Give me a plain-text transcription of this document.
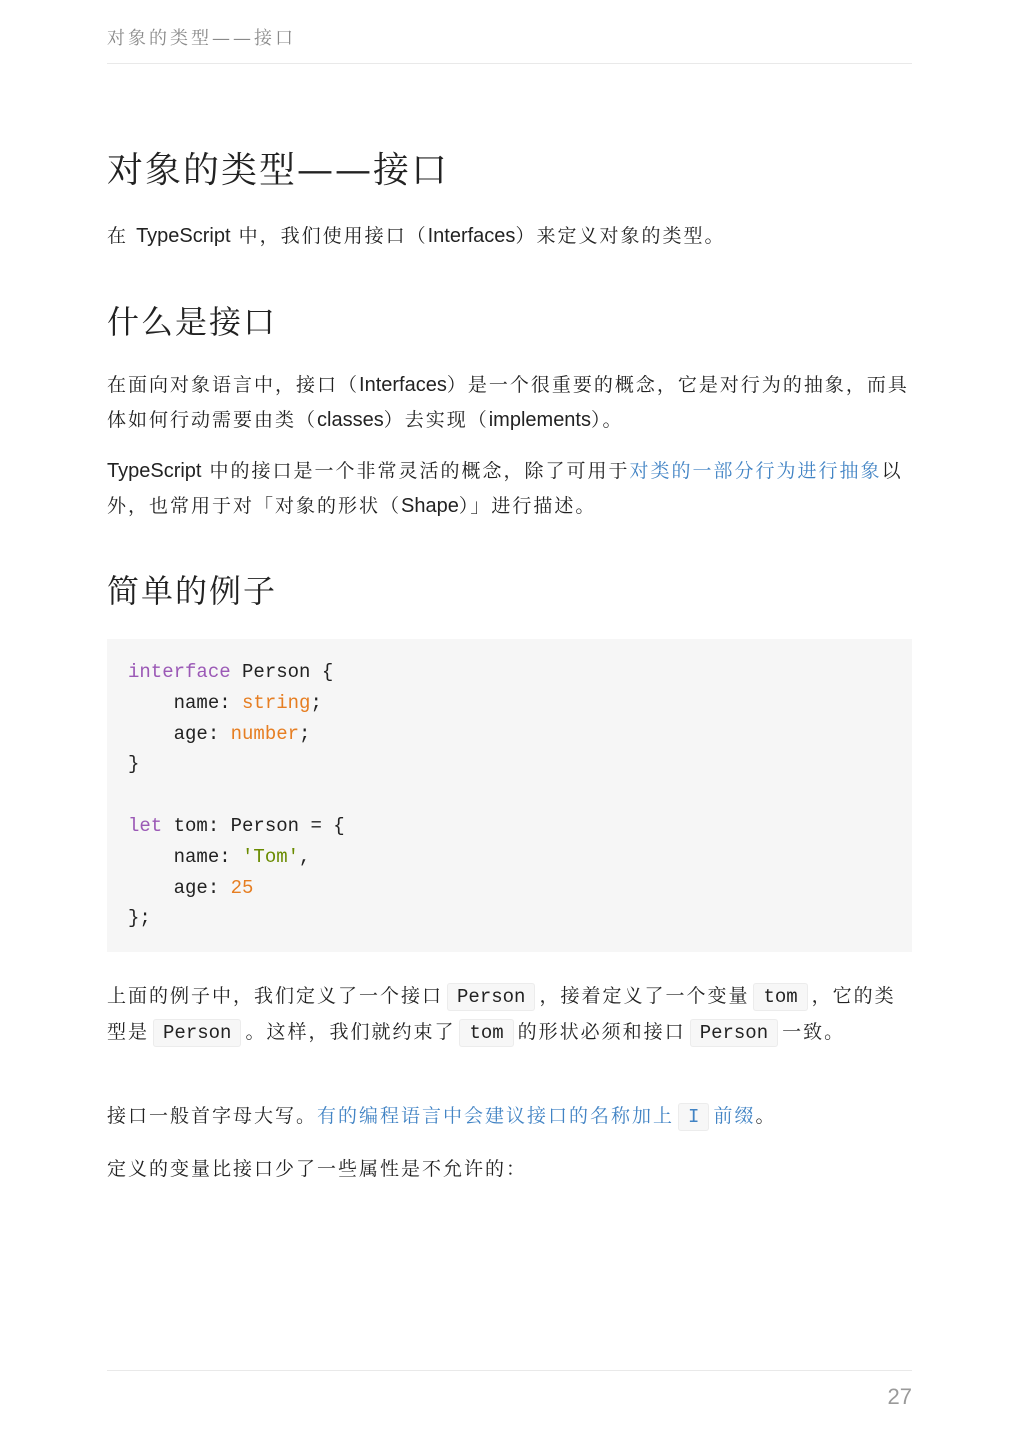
对象的类型——接口
对象的类型——接口

在 TypeScript 中，我们使用接口（Interfaces）来定义对象的类型。

什么是接口

在面向对象语言中，接口（Interfaces）是一个很重要的概念，它是对行为的抽象，而具体如何行动需要由类（classes）去实现（implements）。

TypeScript 中的接口是一个非常灵活的概念，除了可用于对类的一部分行为进行抽象以外，也常用于对「对象的形状（Shape）」进行描述。

简单的例子
interface Person {
name: string;
age: number;
}

let tom: Person = {
name: 'Tom',
age: 25
};

上面的例子中，我们定义了一个接口 Person ，接着定义了一个变量 tom ，它的类型是 Person 。这样，我们就约束了 tom 的形状必须和接口 Person 一致。

接口一般首字母大写。有的编程语言中会建议接口的名称加上 I 前缀。

定义的变量比接口少了一些属性是不允许的：

27
